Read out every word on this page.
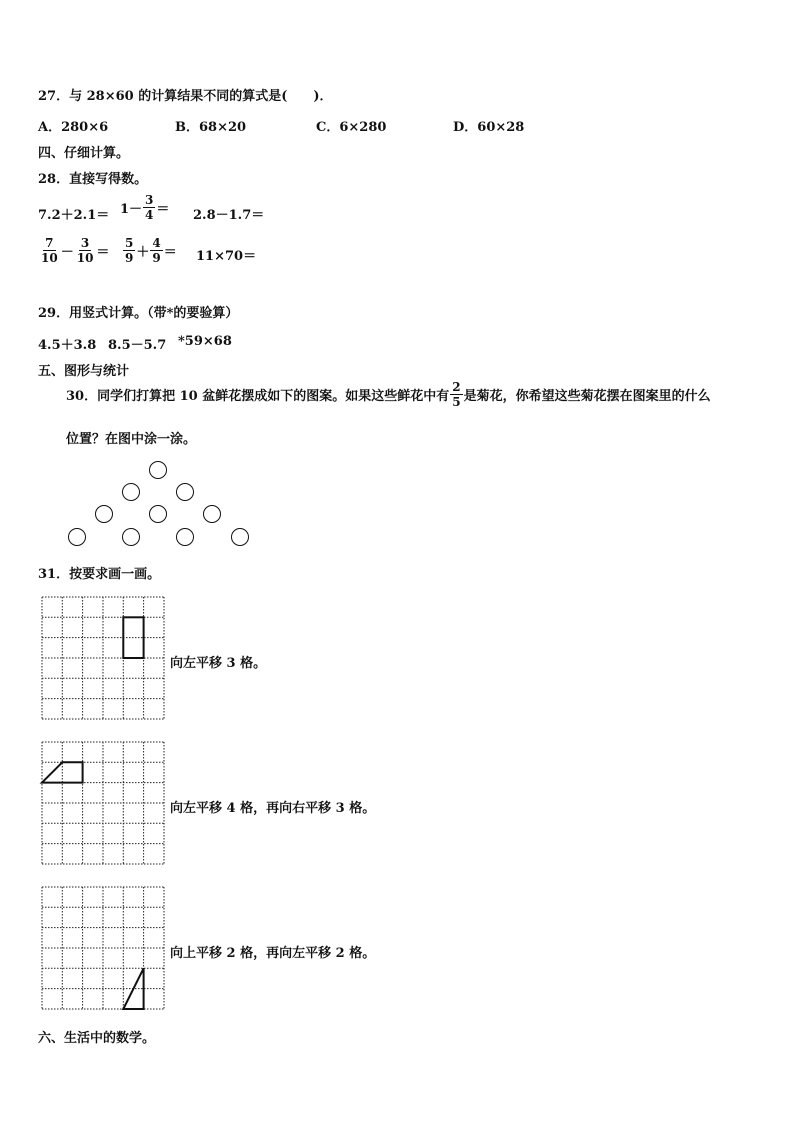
27．与 28×60 的计算结果不同的算式是(　　)．
A．280×6	B．68×20	C．6×280	D．60×28
四、仔细计算。
28．直接写得数。
$7.2+2.1= 1- \frac{3}{4} = 2.8-1.7=$
$\frac{7}{10} - \frac{3}{10} = \frac{5}{9} + \frac{4}{9} = 11\times 70=$
29．用竖式计算。（带*的要验算）
4.5＋3.8 8.5－5.7 *59×68
五、图形与统计
30．同学们打算把 10 盆鲜花摆成如下的图案。如果这些鲜花中有 $\frac{2}{5}$ 是菊花，你希望这些菊花摆在图案里的什么
位置？在图中涂一涂。
31．按要求画一画。
向左平移 3 格。
向左平移 4 格，再向右平移 3 格。
向上平移 2 格，再向左平移 2 格。
六、生活中的数学。
